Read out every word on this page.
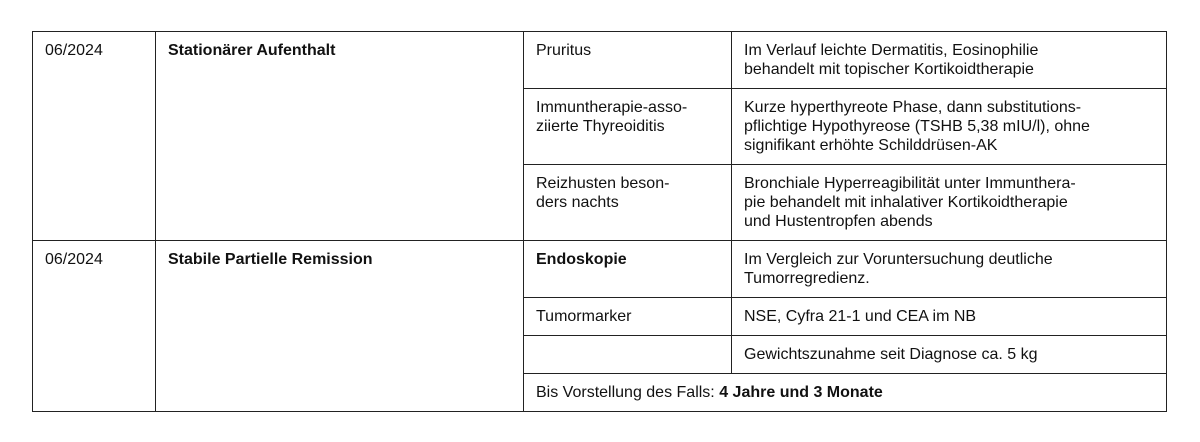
06/2024	Stationärer Aufenthalt	Pruritus	Im Verlauf leichte Dermatitis, Eosinophilie
behandelt mit topischer Kortikoidtherapie
		Immuntherapie-asso-
ziierte Thyreoiditis	Kurze hyperthyreote Phase, dann substitutions-
pflichtige Hypothyreose (TSHB 5,38 mIU/l), ohne
signifikant erhöhte Schilddrüsen-AK
		Reizhusten beson-
ders nachts	Bronchiale Hyperreagibilität unter Immunthera-
pie behandelt mit inhalativer Kortikoidtherapie
und Hustentropfen abends
06/2024	Stabile Partielle Remission	Endoskopie	Im Vergleich zur Voruntersuchung deutliche
Tumorregredienz.
		Tumormarker	NSE, Cyfra 21-1 und CEA im NB
			Gewichtszunahme seit Diagnose ca. 5 kg
		Bis Vorstellung des Falls: 4 Jahre und 3 Monate	
